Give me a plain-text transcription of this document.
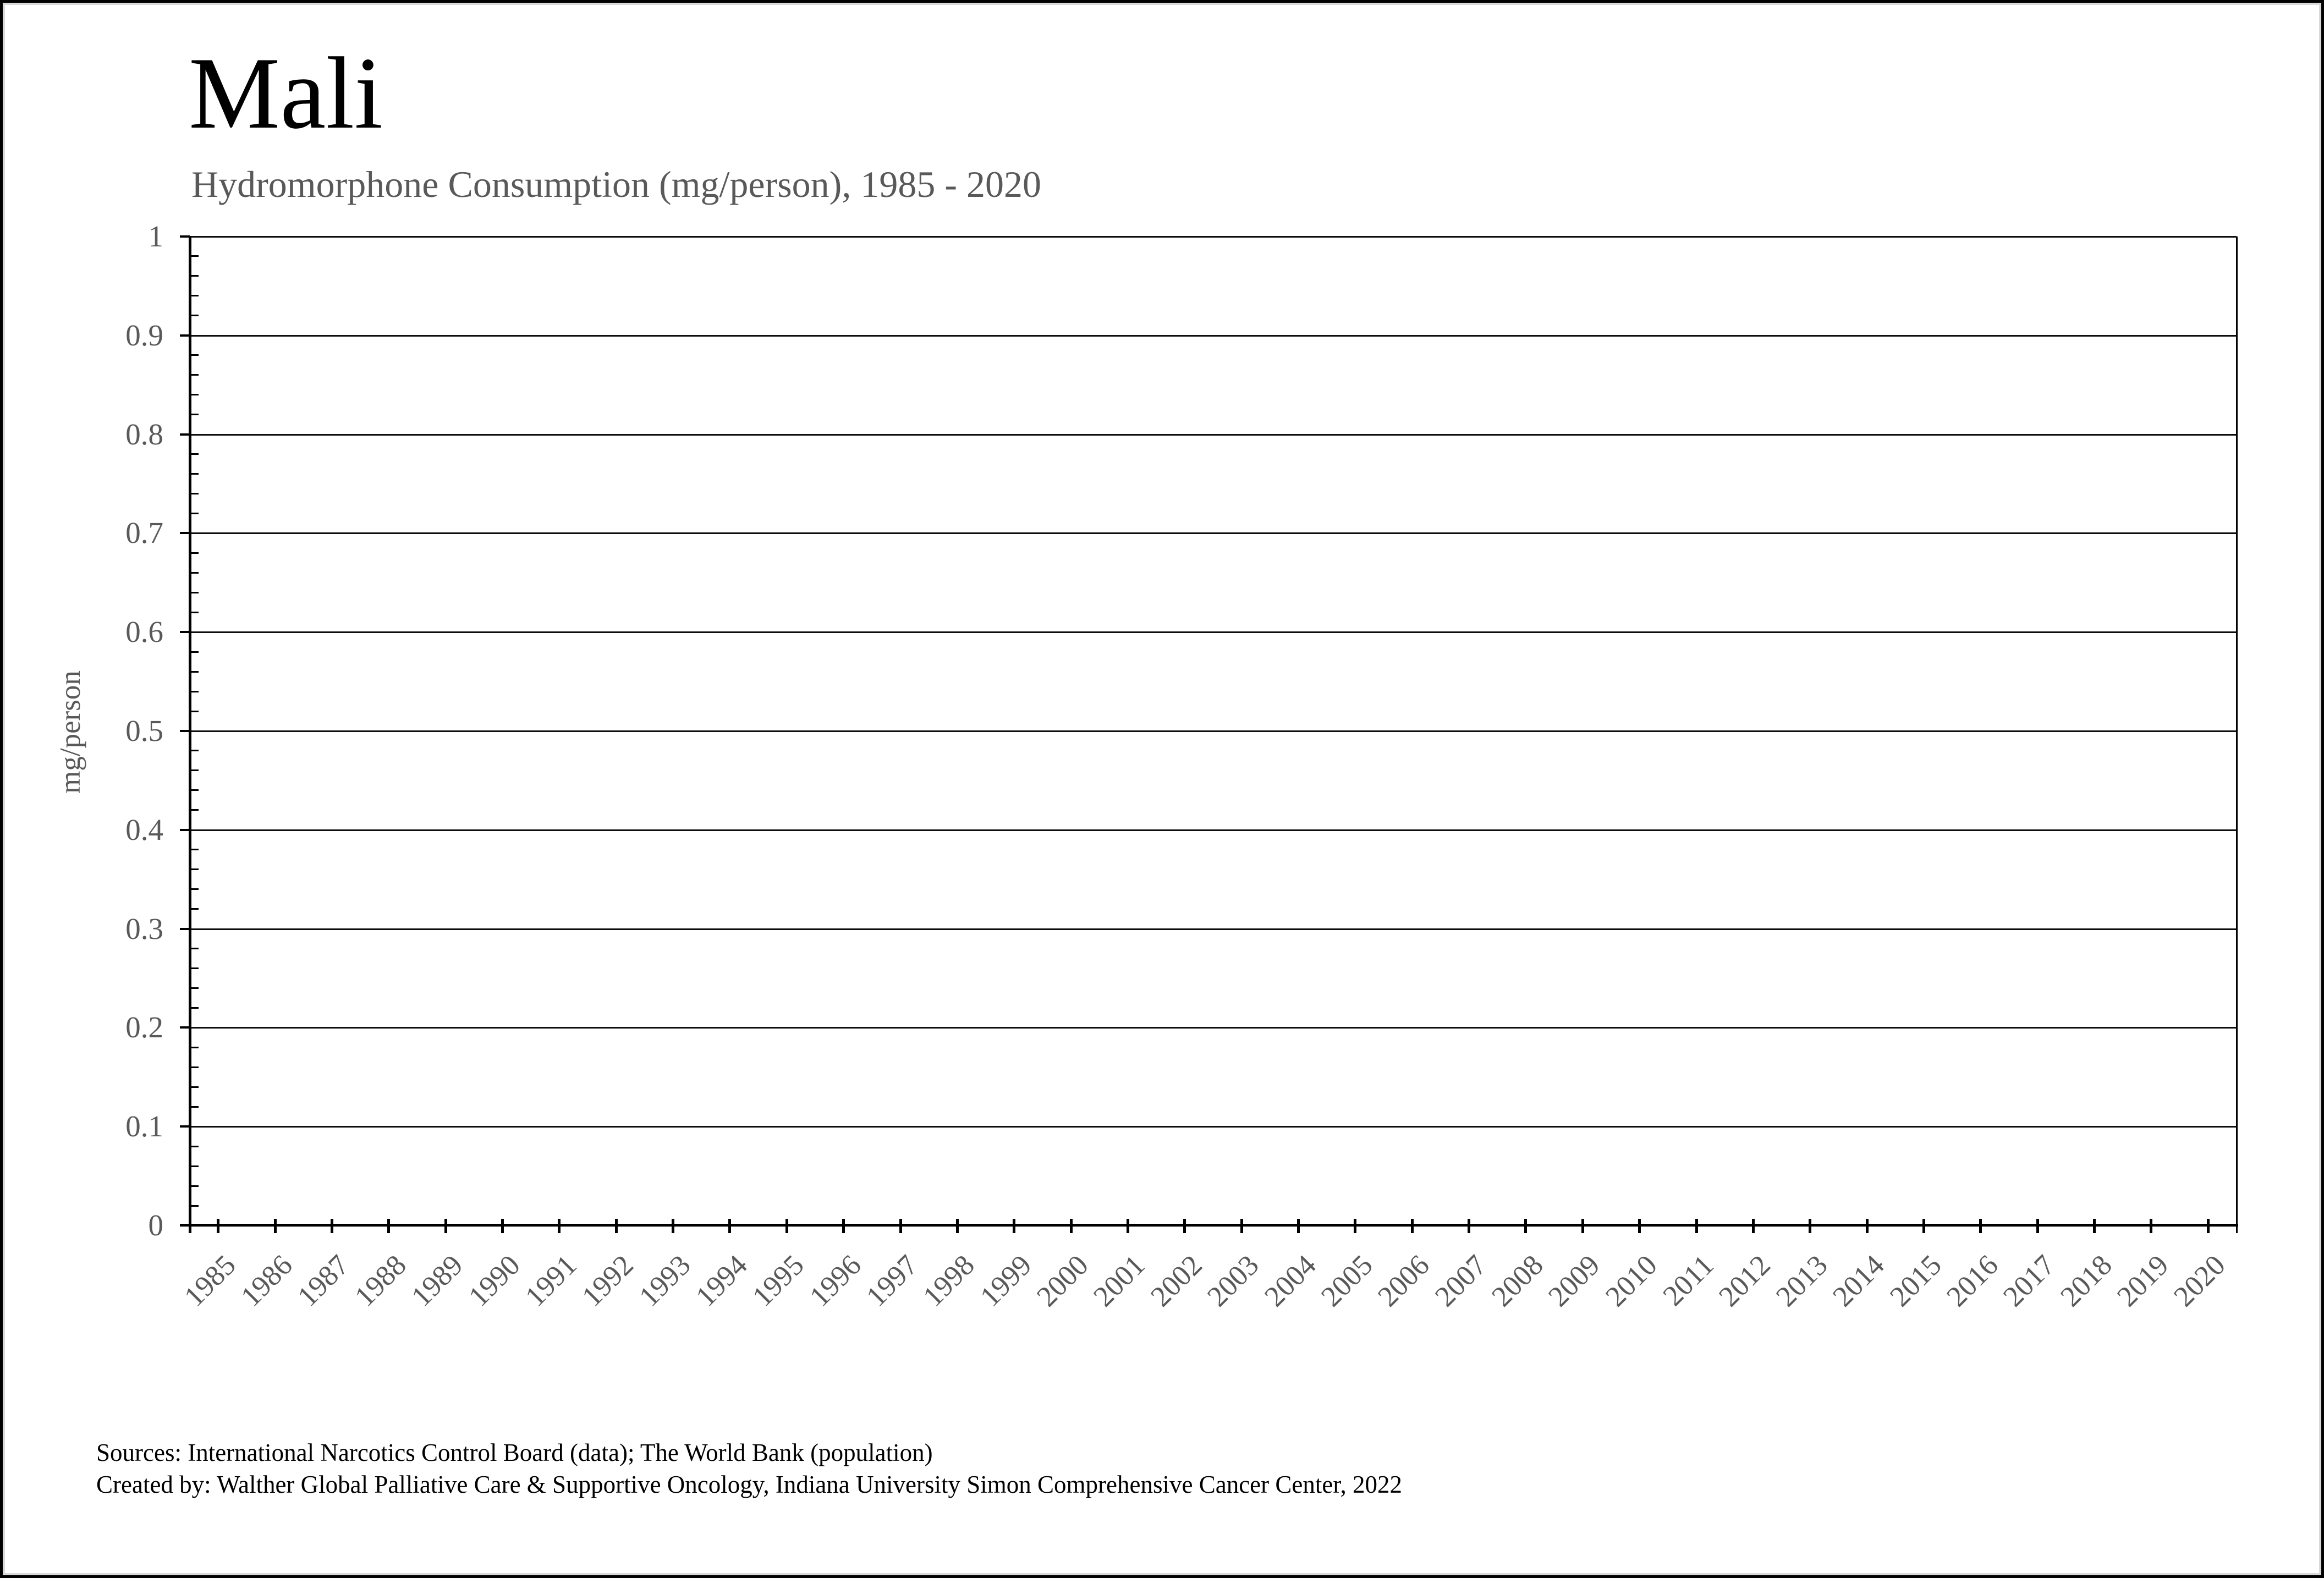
Mali
Hydromorphone Consumption (mg/person), 1985 - 2020
0
0.1
0.2
0.3
0.4
0.5
0.6
0.7
0.8
0.9
1
1985
1986
1987
1988
1989
1990
1991
1992
1993
1994
1995
1996
1997
1998
1999
2000
2001
2002
2003
2004
2005
2006
2007
2008
2009
2010
2011
2012
2013
2014
2015
2016
2017
2018
2019
2020
mg/person
Sources: International Narcotics Control Board (data); The World Bank (population)
Created by: Walther Global Palliative Care & Supportive Oncology, Indiana University Simon Comprehensive Cancer Center, 2022
